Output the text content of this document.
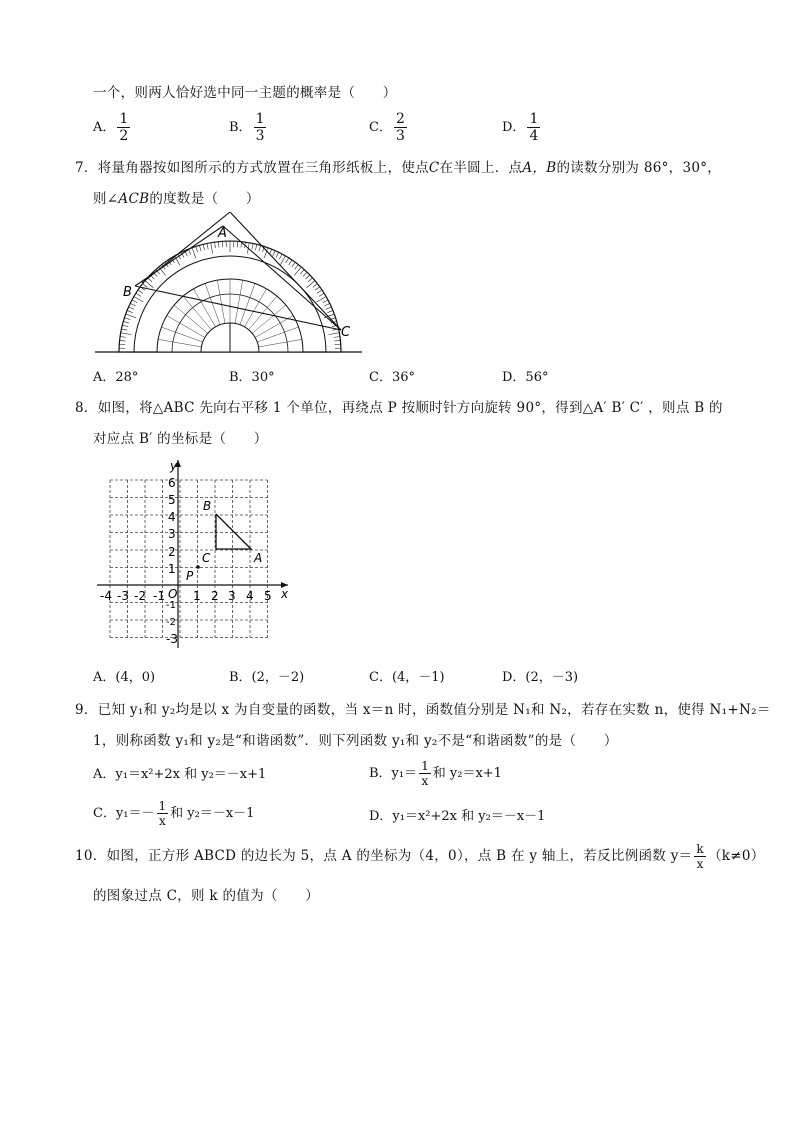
一个，则两人恰好选中同一主题的概率是（　　）
A． $\frac{1}{2}$	B． $\frac{1}{3}$	C． $\frac{2}{3}$	D． $\frac{1}{4}$
7．将量角器按如图所示的方式放置在三角形纸板上，使点C在半圆上．点A，B的读数分别为 86°，30°，
则∠ACB的度数是（　　）
A
B
C
A．28°	B．30°	C．36°	D．56°
8．如图，将△ABC 先向右平移 1 个单位，再绕点 P 按顺时针方向旋转 90°，得到△A′ B′ C′ ，则点 B 的
对应点 B′ 的坐标是（　　）
x
y
O
-4 -3 -2 -1 1 2 3 4 5
6
5
4
3
2
1
-1
-2
-3
B
A
C
P
A．(4，0)	B．(2，－2)	C．(4，－1)	D．(2，－3)
9．已知 y₁和 y₂均是以 x 为自变量的函数，当 x＝n 时，函数值分别是 N₁和 N₂，若存在实数 n，使得 N₁+N₂＝
1，则称函数 y₁和 y₂是“和谐函数”．则下列函数 y₁和 y₂不是“和谐函数”的是（　　）
A．y₁＝x²+2x 和 y₂＝－x+1	B．$y_1= \frac{1}{x}$ 和 y₂＝x+1
C．$y_1=- \frac{1}{x}$ 和 y₂＝－x－1	D．y₁＝x²+2x 和 y₂＝－x－1
10．如图，正方形 ABCD 的边长为 5，点 A 的坐标为（4，0），点 B 在 y 轴上，若反比例函数 $y= \frac{k}{x} (k\ne 0)$
的图象过点 C，则 k 的值为（　　）
